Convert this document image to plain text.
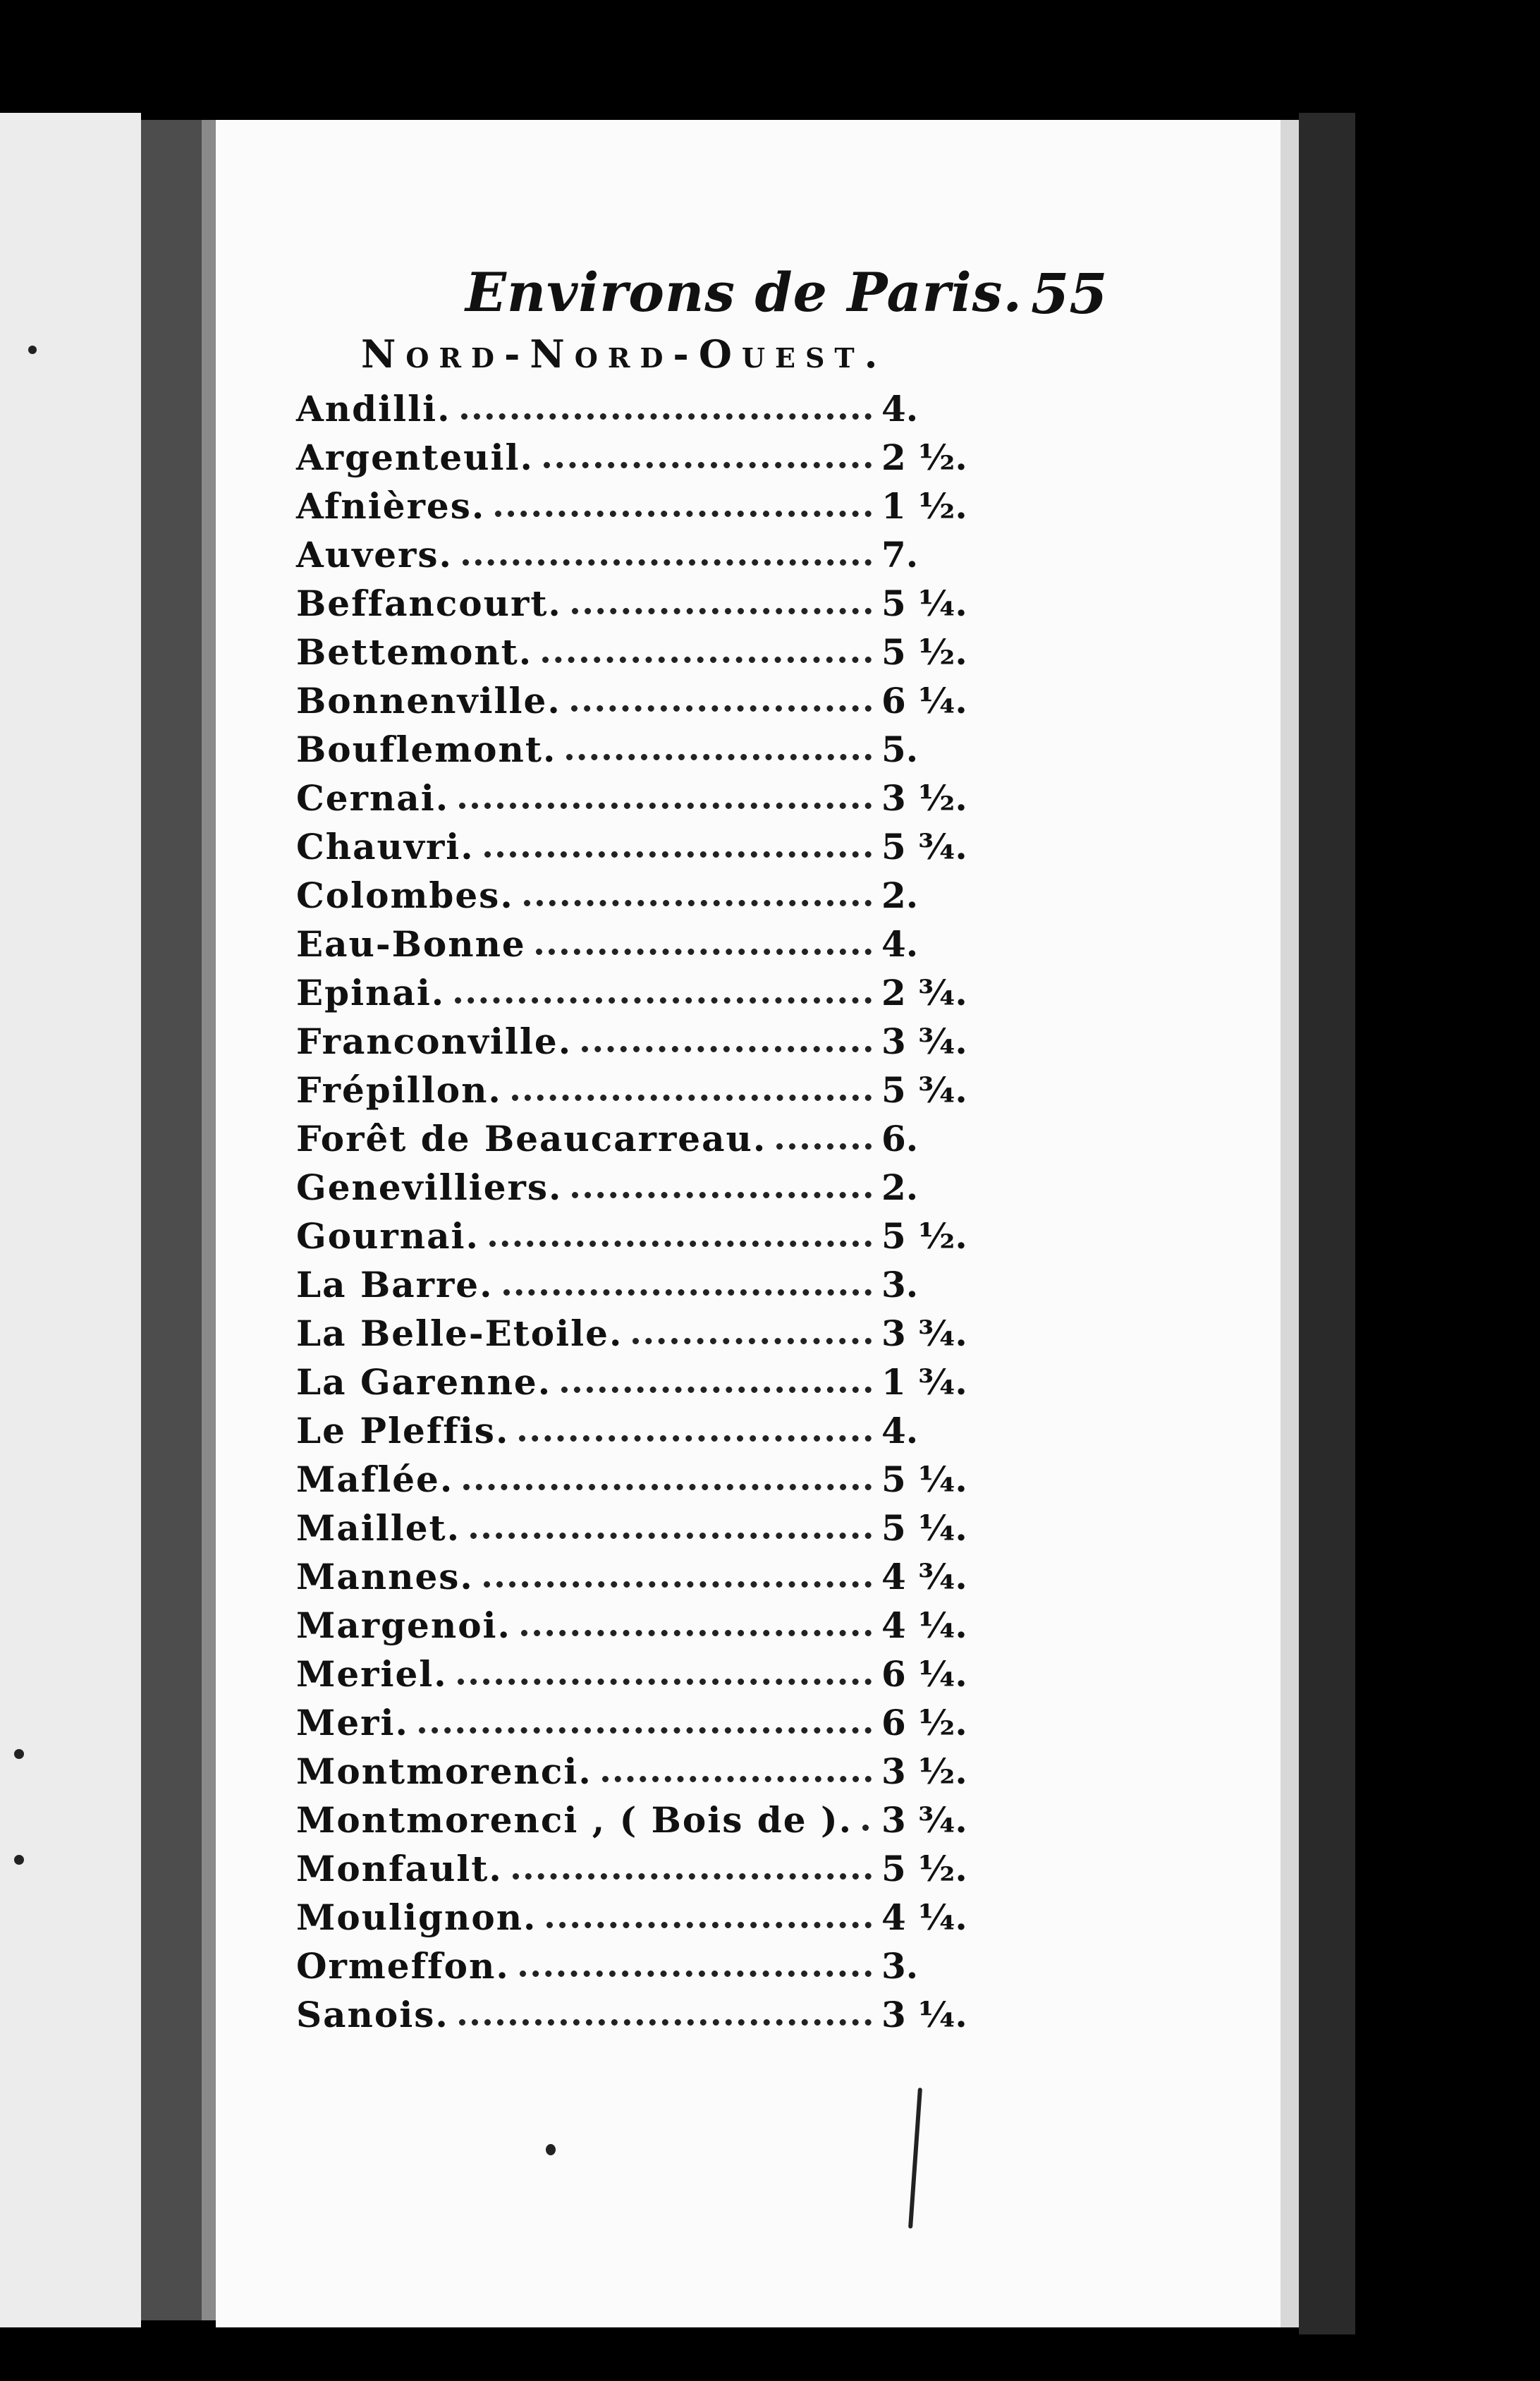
Environs de Paris. 55
Nord-Nord-Ouest.
Andilli.	4.
Argenteuil.	2 ½.
Afnières.	1 ½.
Auvers.	7.
Beffancourt.	5 ¼.
Bettemont.	5 ½.
Bonnenville.	6 ¼.
Bouflemont.	5.
Cernai.	3 ½.
Chauvri.	5 ¾.
Colombes.	2.
Eau-Bonne	4.
Epinai.	2 ¾.
Franconville.	3 ¾.
Frépillon.	5 ¾.
Forêt de Beaucarreau.	6.
Genevilliers.	2.
Gournai.	5 ½.
La Barre.	3.
La Belle-Etoile.	3 ¾.
La Garenne.	1 ¾.
Le Pleffis.	4.
Maflée.	5 ¼.
Maillet.	5 ¼.
Mannes.	4 ¾.
Margenoi.	4 ¼.
Meriel.	6 ¼.
Meri.	6 ½.
Montmorenci.	3 ½.
Montmorenci , ( Bois de ). 3 ¾.
Monfault.	5 ½.
Moulignon.	4 ¼.
Ormeffon.	3.
Sanois.	3 ¼.
